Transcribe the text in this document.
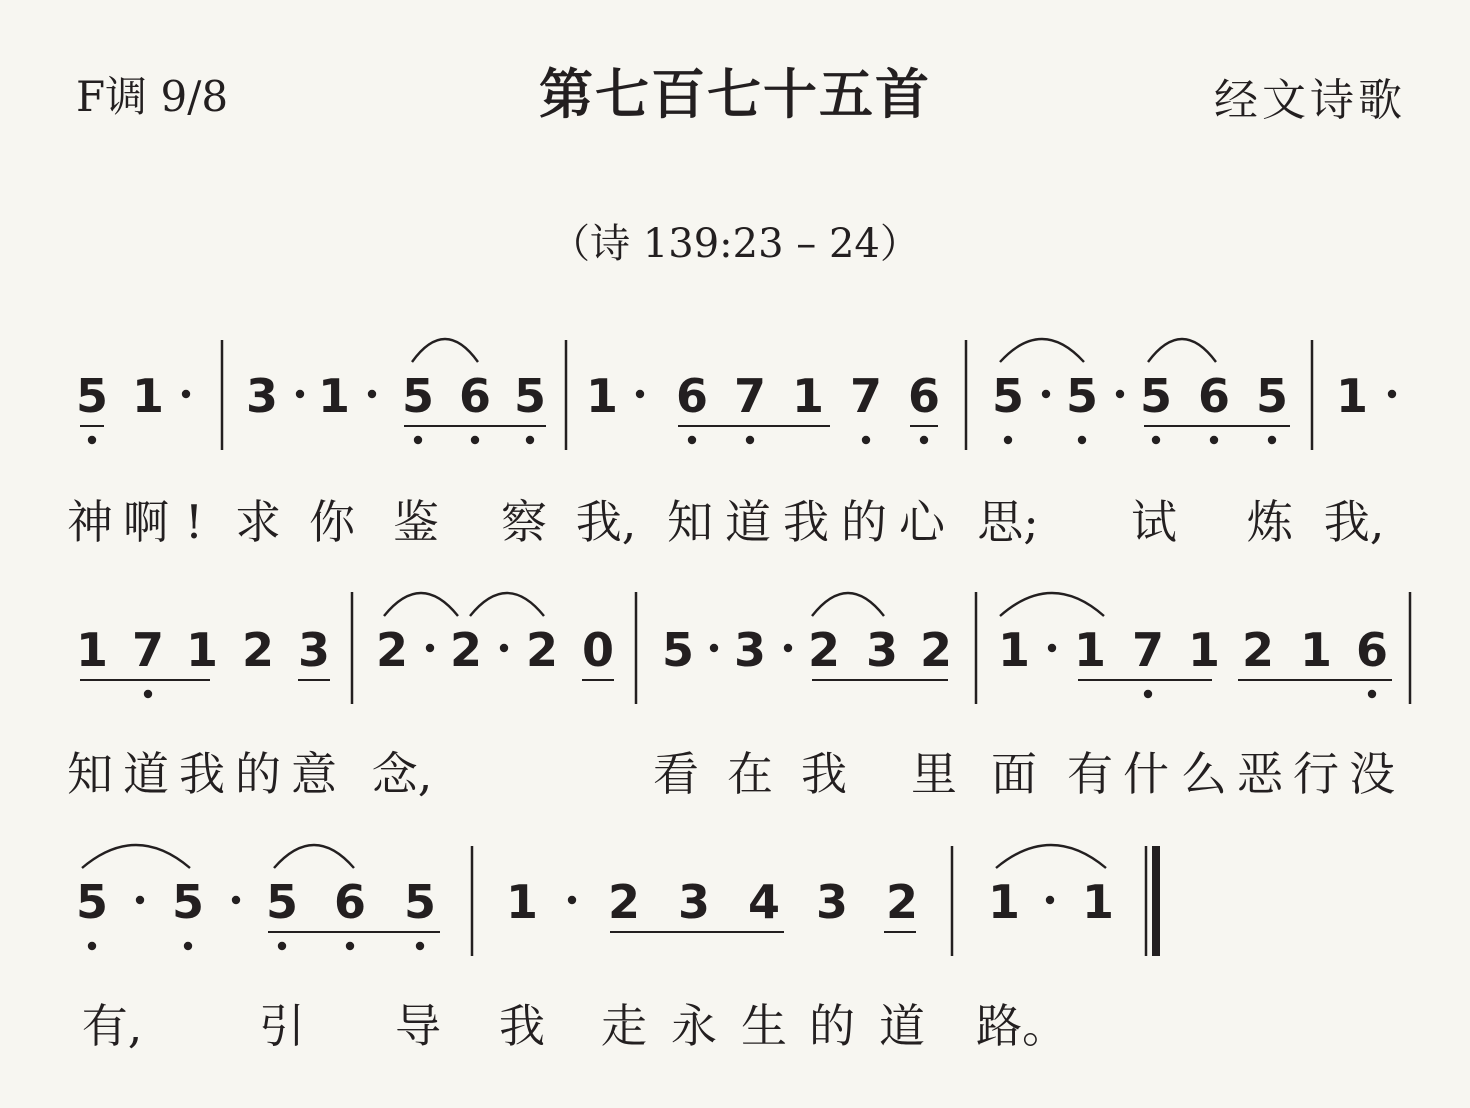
F调 9/8	第七百七十五首	经文诗歌
（诗 139:23 – 24）
5 1 3 1 5 6 5 1 6 7 1 7 6 5 5 5 6 5 1
神 啊 ! 求 你 鉴 察 我, 知 道 我 的 心 思; 试 炼 我,
1 7 1 2 3 2 2 2 0 5 3 2 3 2 1 1 7 1 2 1 6
知 道 我 的 意 念,	看 在 我 里 面 有 什 么 恶 行 没
5 5 5 6 5 1 2 3 4 3 2 1 1
有,	引 导 我 走 永 生 的 道 路。
